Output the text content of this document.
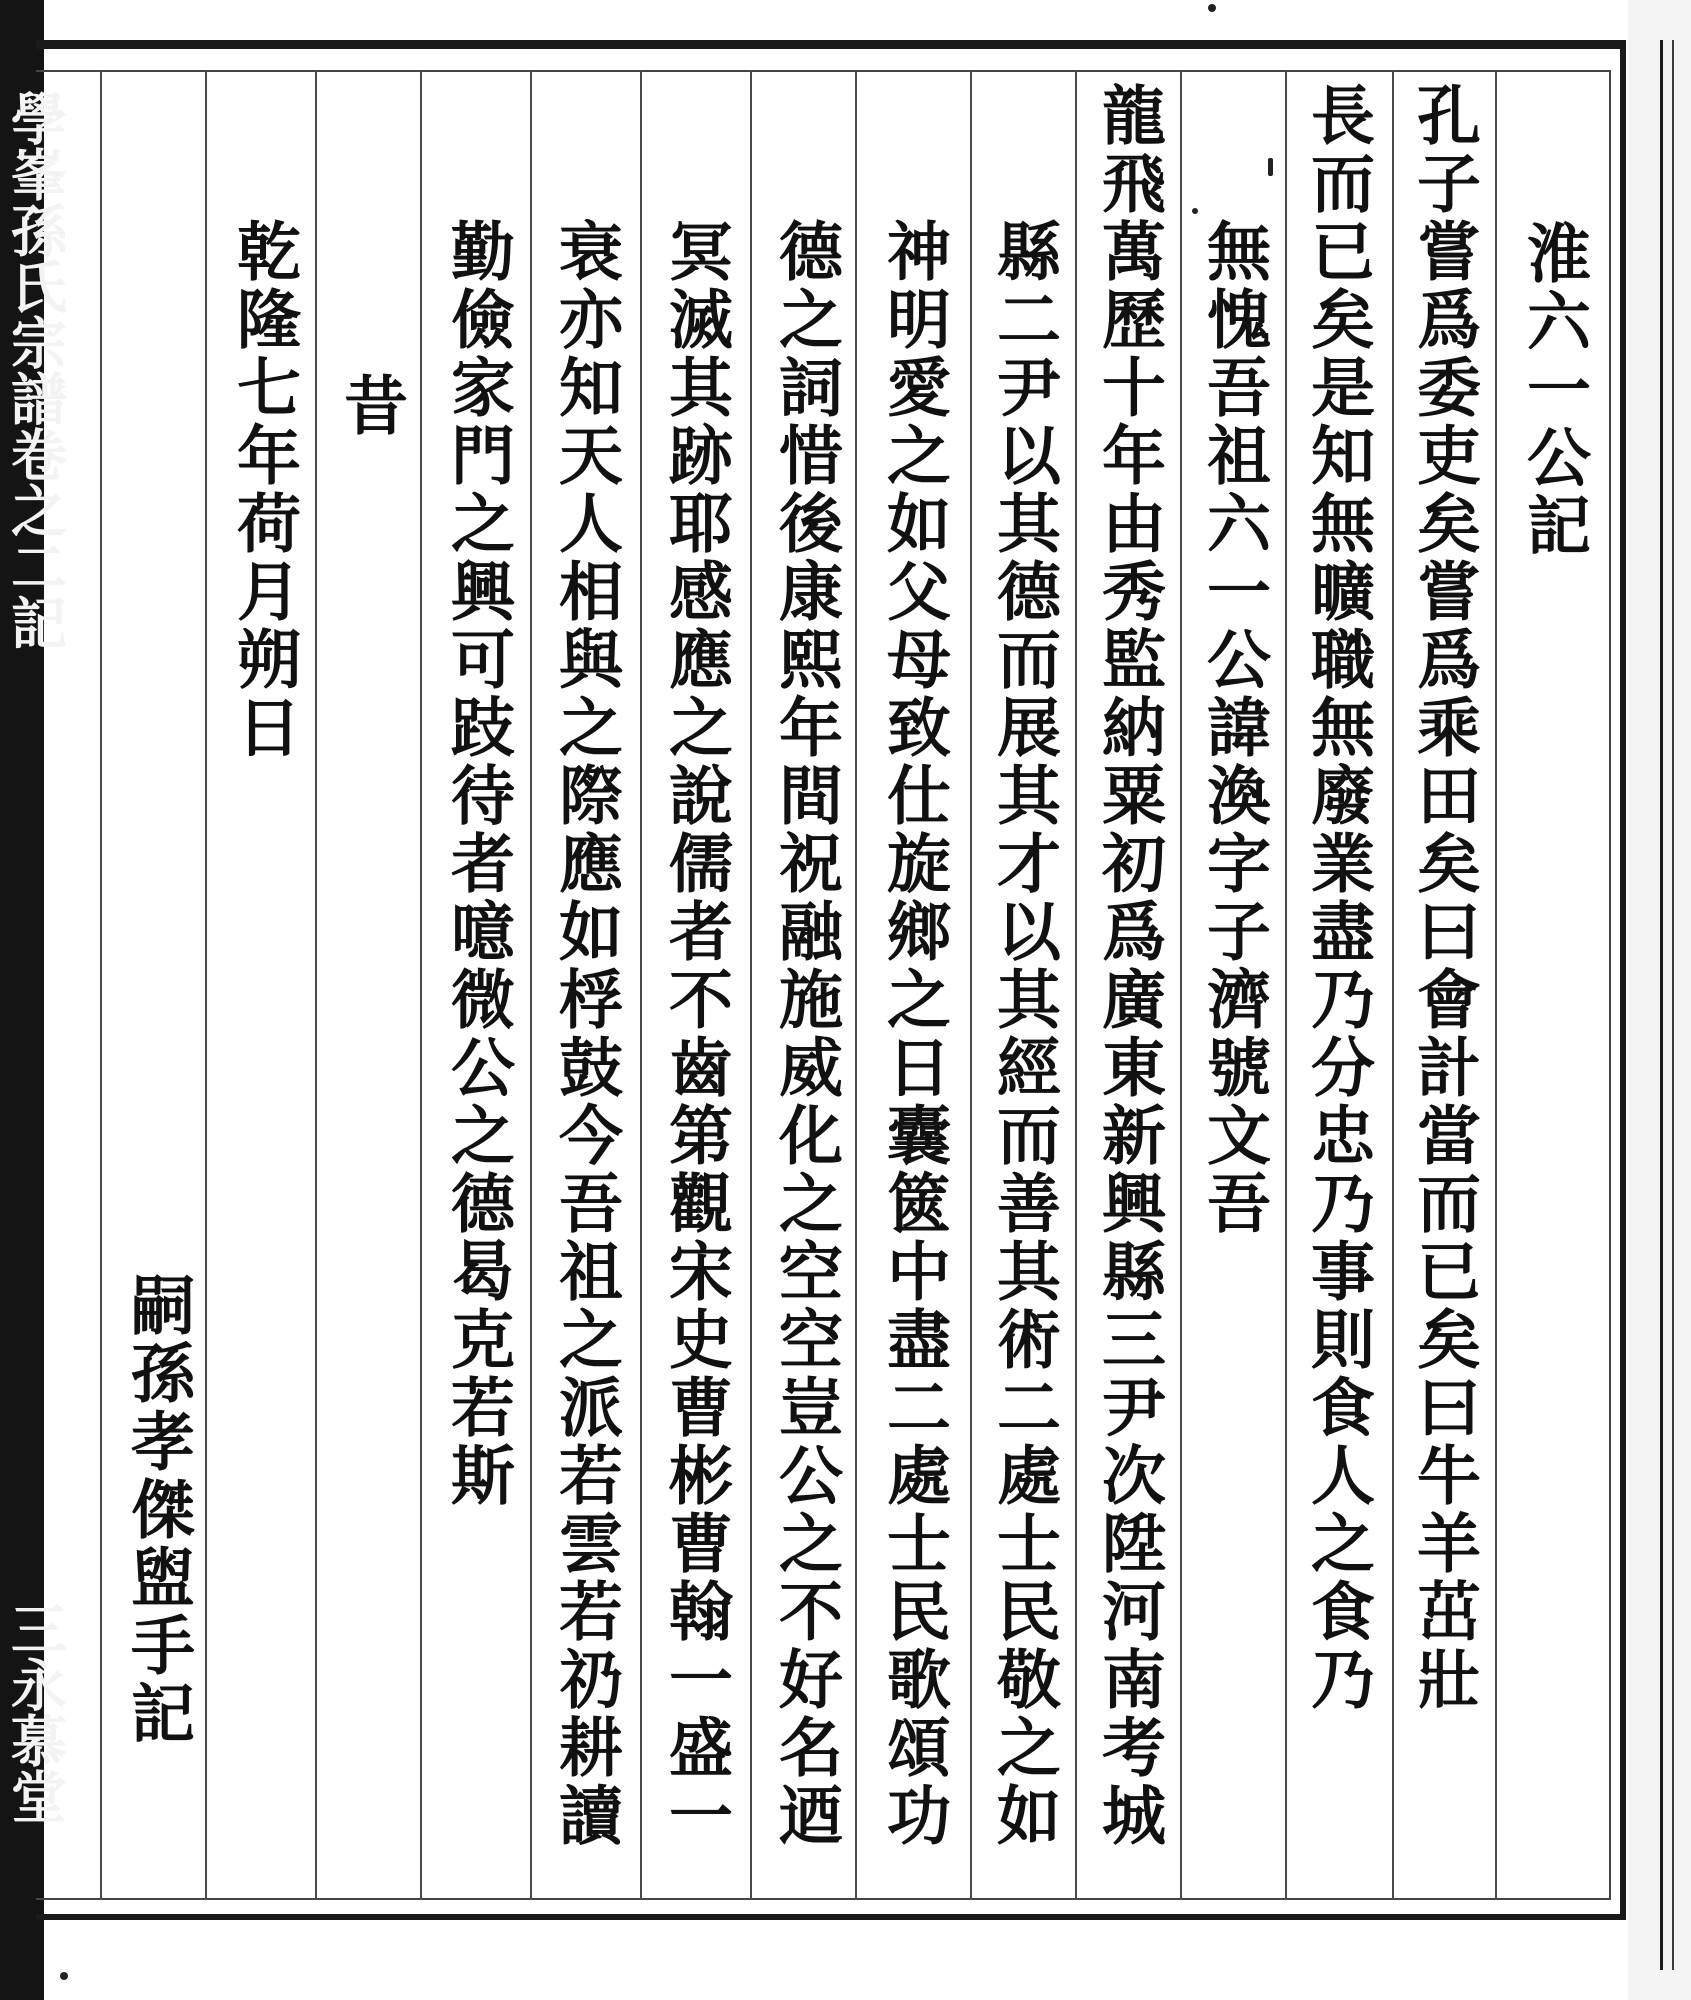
淮六一公記
孔子嘗爲委吏矣嘗爲乘田矣曰會計當而已矣曰牛羊茁壯
長而已矣是知無曠職無廢業盡乃分忠乃事則食人之食乃
無愧吾祖六一公諱渙字子濟號文吾
龍飛萬歷十年由秀監納粟初爲廣東新興縣三尹次陞河南考城
縣二尹以其德而展其才以其經而善其術二處士民敬之如
神明愛之如父母致仕旋鄉之日囊篋中盡二處士民歌頌功
德之詞惜後康熙年間祝融施威化之空空豈公之不好名迺
冥滅其跡耶感應之說儒者不齒第觀宋史曹彬曹翰一盛一
衰亦知天人相與之際應如桴鼓今吾祖之派若雲若礽耕讀
勤儉家門之興可跂待者噫微公之德曷克若斯
昔
乾隆七年荷月朔日
嗣孫孝傑盥手記
學峯孫氏宗譜卷之二記
三永慕堂
